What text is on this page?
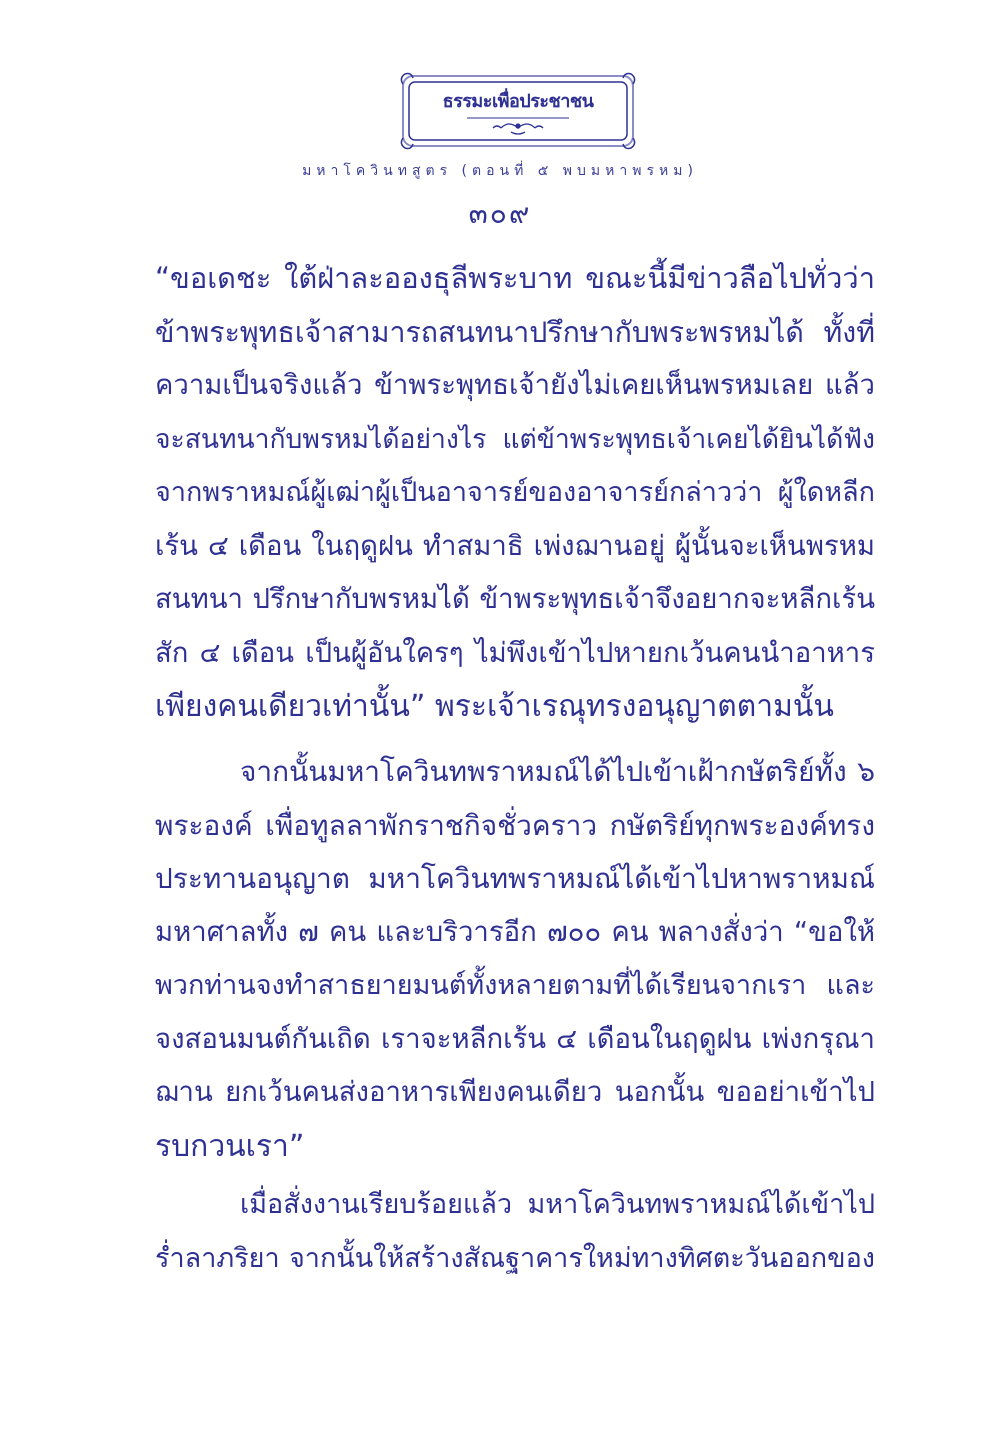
ธรรมะเพื่อประชาชน
มหาโควินทสูตร (ตอนที่ ๕ พบมหาพรหม)
๓๐๙
“ขอเดชะ ใต้ฝ่าละอองธุลีพระบาท ขณะนี้มีข่าวลือไปทั่วว่า
ข้าพระพุทธเจ้าสามารถสนทนาปรึกษากับพระพรหมได้ ทั้งที่
ความเป็นจริงแล้ว ข้าพระพุทธเจ้ายังไม่เคยเห็นพรหมเลย แล้ว
จะสนทนากับพรหมได้อย่างไร แต่ข้าพระพุทธเจ้าเคยได้ยินได้ฟัง
จากพราหมณ์ผู้เฒ่าผู้เป็นอาจารย์ของอาจารย์กล่าวว่า ผู้ใดหลีก
เร้น ๔ เดือน ในฤดูฝน ทำสมาธิ เพ่งฌานอยู่ ผู้นั้นจะเห็นพรหม
สนทนา ปรึกษากับพรหมได้ ข้าพระพุทธเจ้าจึงอยากจะหลีกเร้น
สัก ๔ เดือน เป็นผู้อันใครๆ ไม่พึงเข้าไปหายกเว้นคนนำอาหาร
เพียงคนเดียวเท่านั้น” พระเจ้าเรณุทรงอนุญาตตามนั้น
จากนั้นมหาโควินทพราหมณ์ได้ไปเข้าเฝ้ากษัตริย์ทั้ง ๖
พระองค์ เพื่อทูลลาพักราชกิจชั่วคราว กษัตริย์ทุกพระองค์ทรง
ประทานอนุญาต มหาโควินทพราหมณ์ได้เข้าไปหาพราหมณ์
มหาศาลทั้ง ๗ คน และบริวารอีก ๗๐๐ คน พลางสั่งว่า “ขอให้
พวกท่านจงทำสาธยายมนต์ทั้งหลายตามที่ได้เรียนจากเรา และ
จงสอนมนต์กันเถิด เราจะหลีกเร้น ๔ เดือนในฤดูฝน เพ่งกรุณา
ฌาน ยกเว้นคนส่งอาหารเพียงคนเดียว นอกนั้น ขออย่าเข้าไป
รบกวนเรา”
เมื่อสั่งงานเรียบร้อยแล้ว มหาโควินทพราหมณ์ได้เข้าไป
ร่ำลาภริยา จากนั้นให้สร้างสัณฐาคารใหม่ทางทิศตะวันออกของ
